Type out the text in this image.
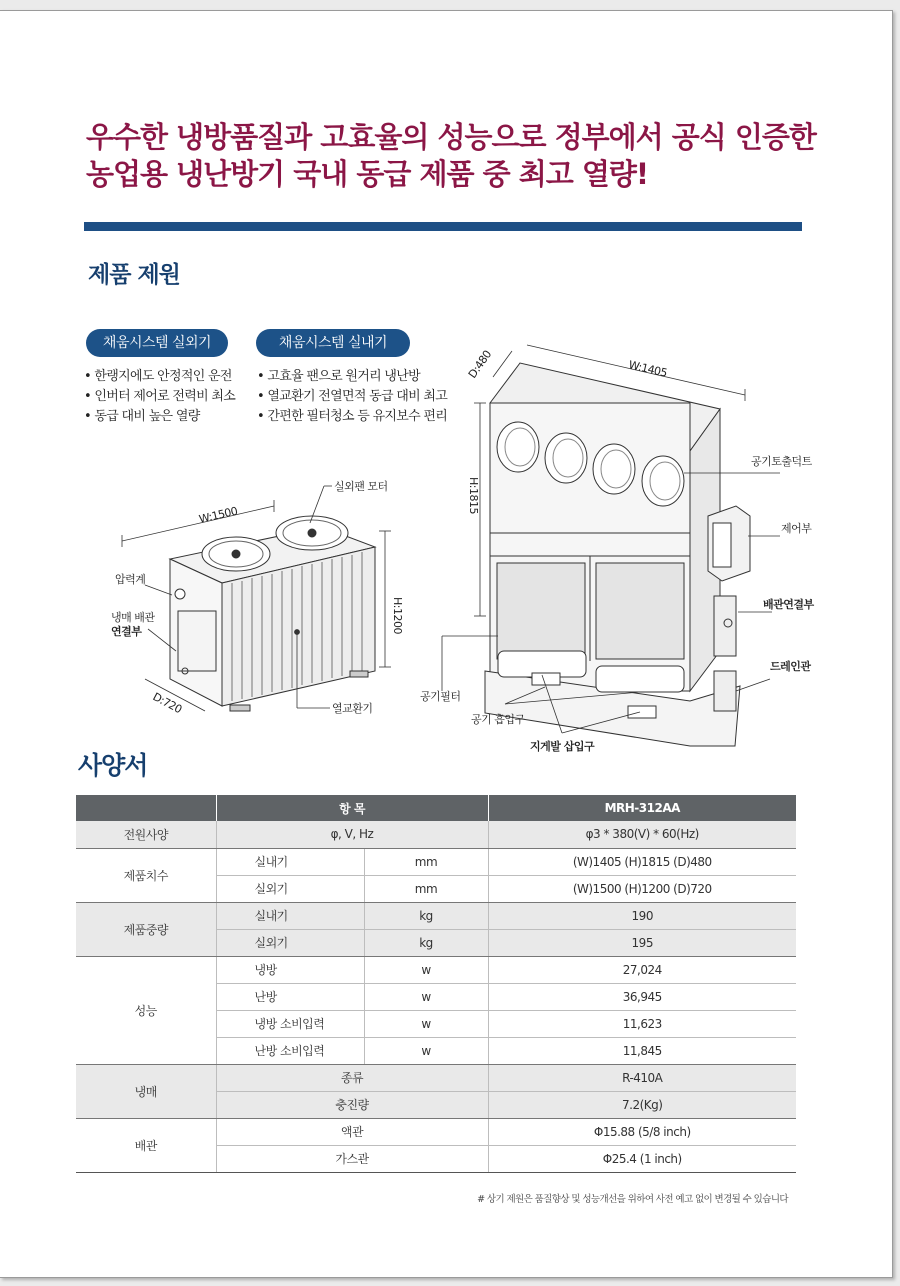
우수한 냉방품질과 고효율의 성능으로 정부에서 공식 인증한
농업용 냉난방기 국내 동급 제품 중 최고 열량!
제품 제원
채움시스템 실외기	채움시스템 실내기
• 한랭지에도 안정적인 운전
• 인버터 제어로 전력비 최소
• 동급 대비 높은 열량
• 고효율 팬으로 원거리 냉난방
• 열교환기 전열면적 동급 대비 최고
• 간편한 필터청소 등 유지보수 편리
W:1500
H:1200
D:720
실외팬 모터
압력계
냉매 배관
연결부
열교환기
D:480	W:1405
H:1815
공기토출덕트
제어부
배관연결부
드레인관
공기필터
공기 흡입구
지게발 삽입구
사양서
	항 목		MRH-312AA
전원사양	φ, V, Hz		φ3 * 380(V) * 60(Hz)
제품치수	실내기	mm	(W)1405 (H)1815 (D)480
	실외기	mm	(W)1500 (H)1200 (D)720
제품중량	실내기	kg	190
	실외기	kg	195
성능	냉방	w	27,024
	난방	w	36,945
	냉방 소비입력	w	11,623
	난방 소비입력	w	11,845
냉매	종류		R-410A
	충진량		7.2(Kg)
배관	액관		Φ15.88 (5/8 inch)
	가스관		Φ25.4 (1 inch)
# 상기 제원은 품질향상 및 성능개선을 위하여 사전 예고 없이 변경될 수 있습니다
